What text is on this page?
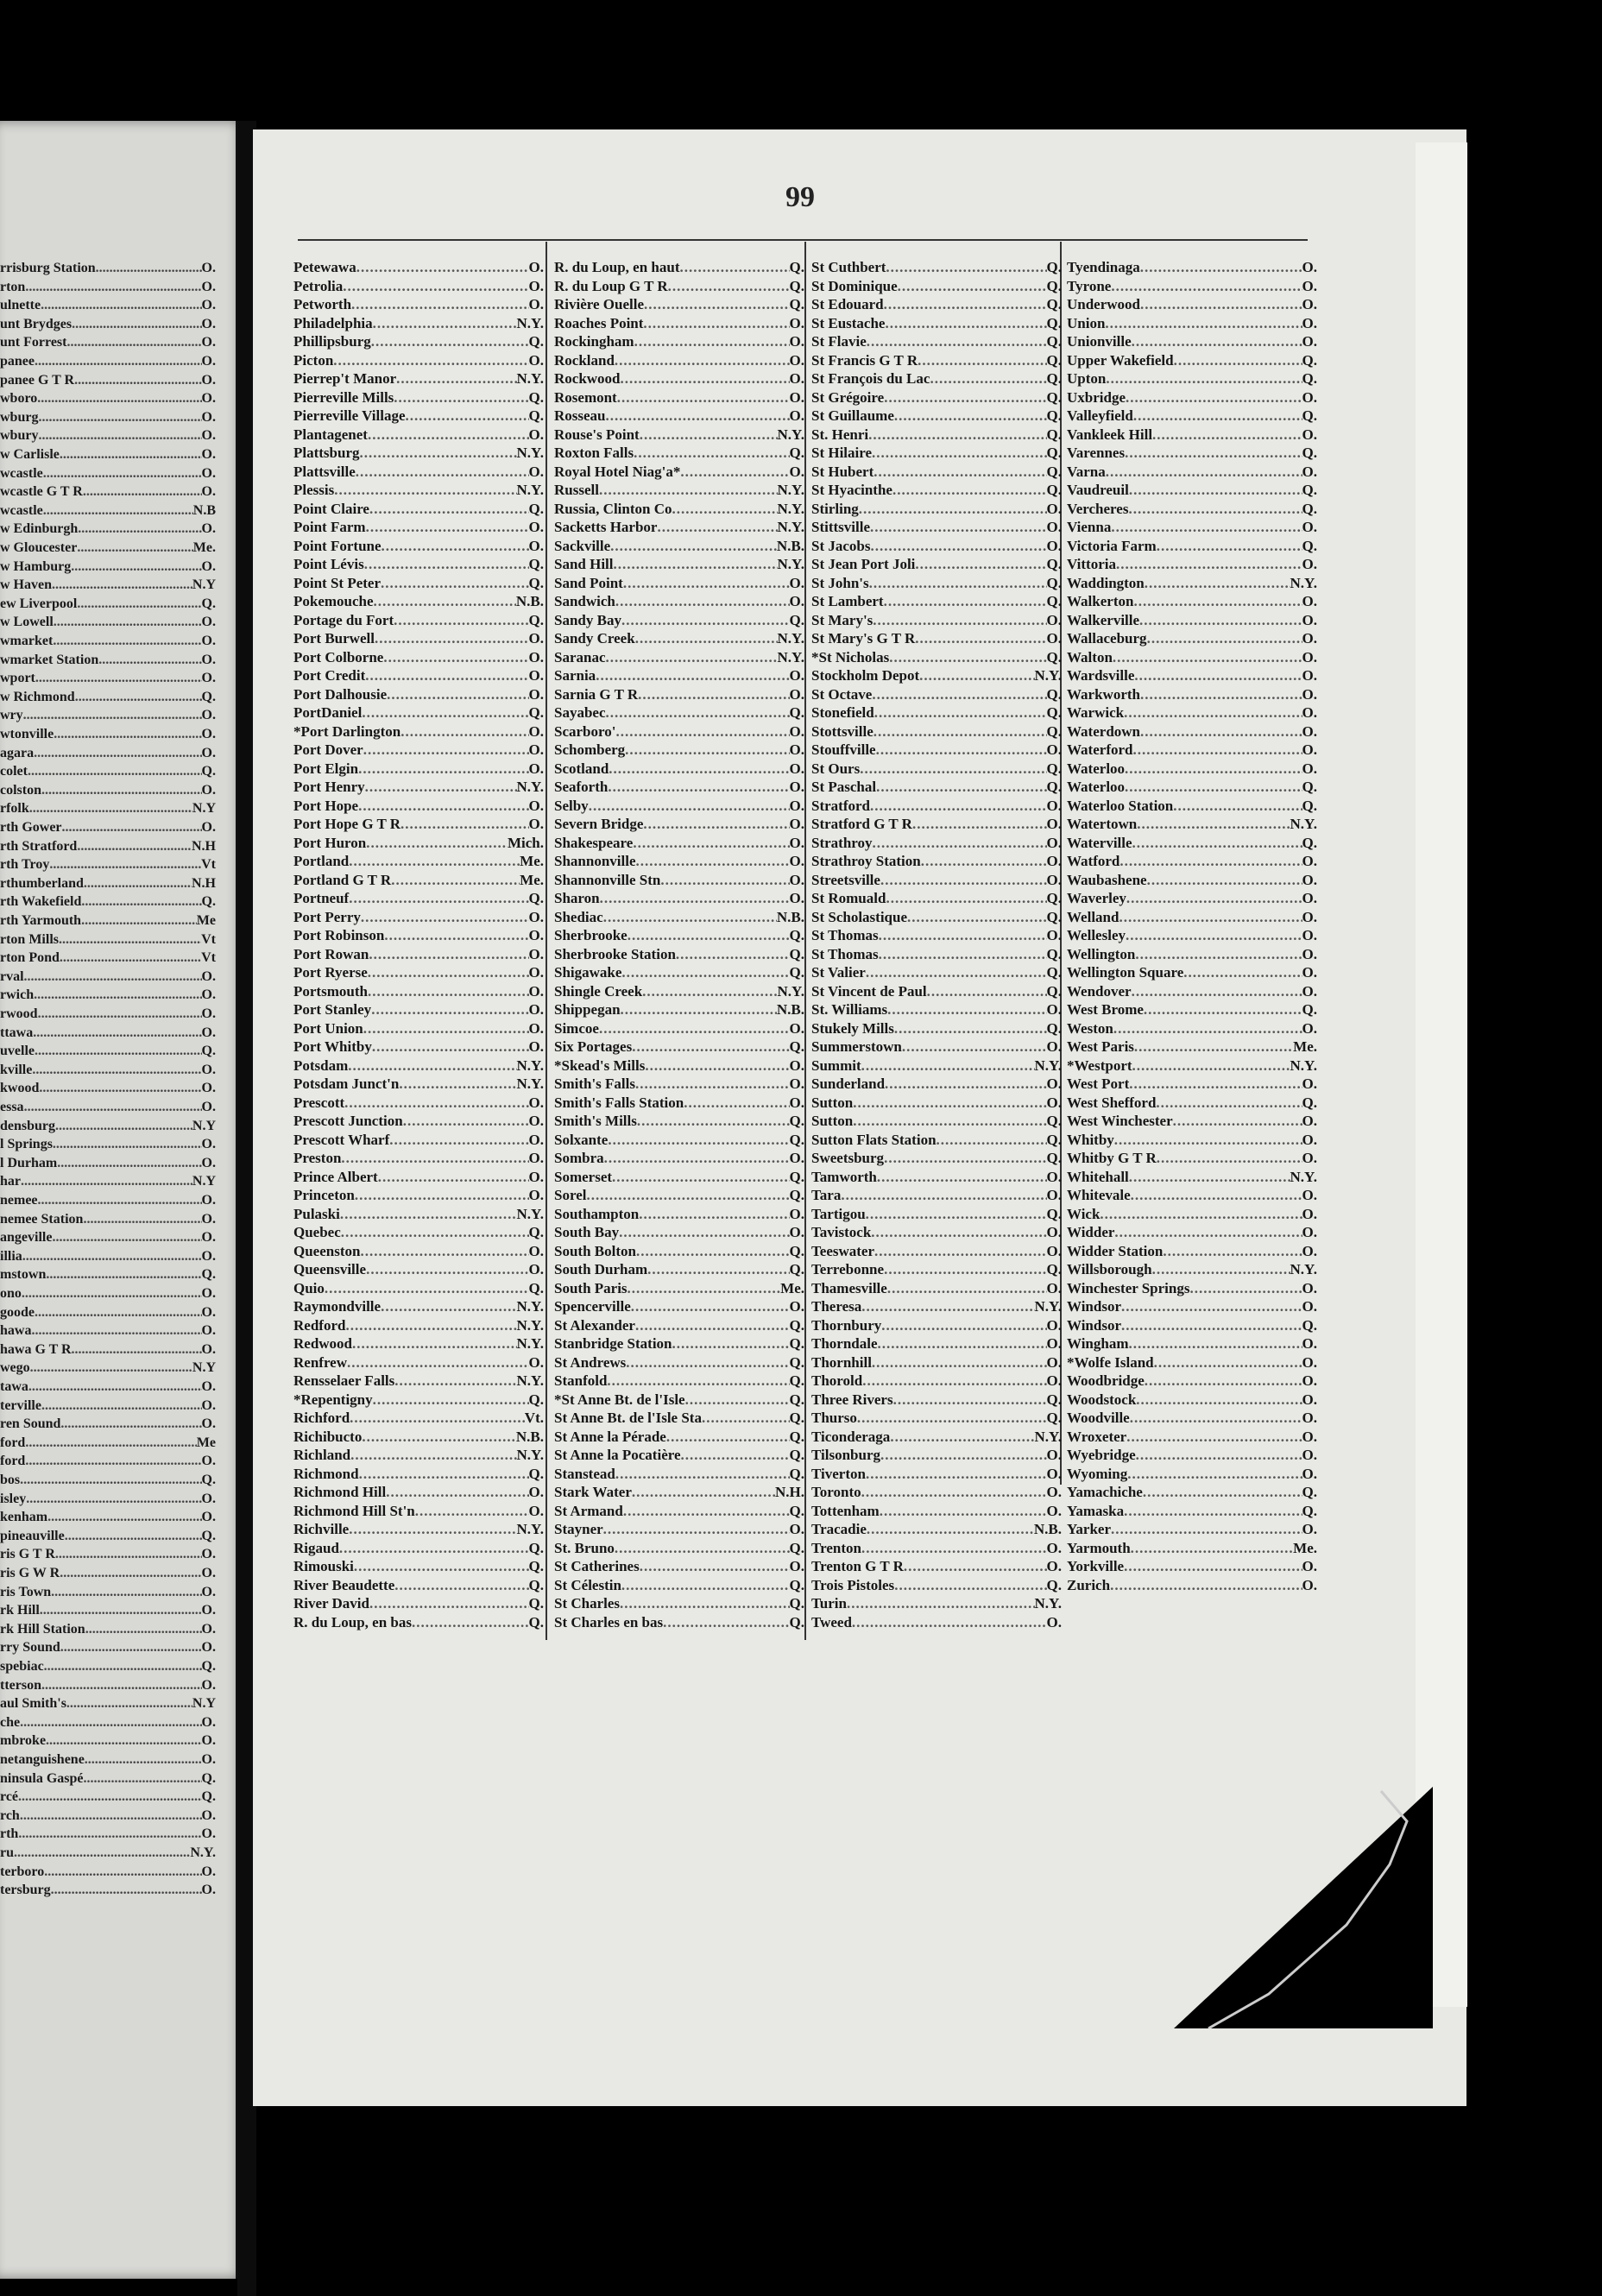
rrisburg Station .....	O.
rton .....	O.
ulnette .....	O.
unt Brydges .....	O.
unt Forrest .....	O.
panee .....	O.
panee G T R .....	O.
wboro .....	O.
wburg .....	O.
wbury .....	O.
w Carlisle .....	O.
wcastle .....	O.
wcastle G T R .....	O.
wcastle .....	N.B
w Edinburgh .....	O.
w Gloucester .....	Me.
w Hamburg .....	O.
w Haven .....	N.Y
ew Liverpool .....	Q.
w Lowell .....	O.
wmarket .....	O.
wmarket Station .....	O.
wport .....	O.
w Richmond .....	Q.
wry .....	O.
wtonville .....	O.
agara .....	O.
colet .....	Q.
colston .....	O.
rfolk .....	N.Y
rth Gower .....	O.
rth Stratford .....	N.H
rth Troy .....	Vt
rthumberland .....	N.H
rth Wakefield .....	Q.
rth Yarmouth .....	Me
rton Mills .....	Vt
rton Pond .....	Vt
rval .....	O.
rwich .....	O.
rwood .....	O.
ttawa .....	O.
uvelle .....	Q.
kville .....	O.
kwood .....	O.
essa .....	O.
densburg .....	N.Y
l Springs .....	O.
l Durham .....	O.
har .....	N.Y
nemee .....	O.
nemee Station .....	O.
angeville .....	O.
illia .....	O.
mstown .....	Q.
ono .....	O.
goode .....	O.
hawa .....	O.
hawa G T R .....	O.
wego .....	N.Y
tawa .....	O.
terville .....	O.
ren Sound .....	O.
ford .....	Me
ford .....	O.
bos .....	Q.
isley .....	O.
kenham .....	O.
pineauville .....	Q.
ris G T R .....	O.
ris G W R .....	O.
ris Town .....	O.
rk Hill .....	O.
rk Hill Station .....	O.
rry Sound .....	O.
spebiac .....	Q.
tterson .....	O.
aul Smith's .....	N.Y
che .....	O.
mbroke .....	O.
netanguishene .....	O.
ninsula Gaspé .....	Q.
rcé .....	Q.
rch .....	O.
rth .....	O.
ru .....	N.Y.
terboro .....	O.
tersburg .....	O.
99
Petewawa .....	O.
Petrolia .....	O.
Petworth .....	O.
Philadelphia .....	N.Y.
Phillipsburg .....	Q.
Picton .....	O.
Pierrep't Manor .....	N.Y.
Pierreville Mills .....	Q.
Pierreville Village .....	Q.
Plantagenet .....	O.
Plattsburg .....	N.Y.
Plattsville .....	O.
Plessis .....	N.Y.
Point Claire .....	Q.
Point Farm .....	O.
Point Fortune .....	O.
Point Lévis .....	Q.
Point St Peter .....	Q.
Pokemouche .....	N.B.
Portage du Fort .....	Q.
Port Burwell .....	O.
Port Colborne .....	O.
Port Credit .....	O.
Port Dalhousie .....	O.
PortDaniel .....	Q.
*Port Darlington .....	O.
Port Dover .....	O.
Port Elgin .....	O.
Port Henry .....	N.Y.
Port Hope .....	O.
Port Hope G T R .....	O.
Port Huron .....	Mich.
Portland .....	Me.
Portland G T R .....	Me.
Portneuf .....	Q.
Port Perry .....	O.
Port Robinson .....	O.
Port Rowan .....	O.
Port Ryerse .....	O.
Portsmouth .....	O.
Port Stanley .....	O.
Port Union .....	O.
Port Whitby .....	O.
Potsdam .....	N.Y.
Potsdam Junct'n .....	N.Y.
Prescott .....	O.
Prescott Junction .....	O.
Prescott Wharf .....	O.
Preston .....	O.
Prince Albert .....	O.
Princeton .....	O.
Pulaski .....	N.Y.
Quebec .....	Q.
Queenston .....	O.
Queensville .....	O.
Quio .....	Q.
Raymondville .....	N.Y.
Redford .....	N.Y.
Redwood .....	N.Y.
Renfrew .....	O.
Rensselaer Falls .....	N.Y.
*Repentigny .....	Q.
Richford .....	Vt.
Richibucto .....	N.B.
Richland .....	N.Y.
Richmond .....	Q.
Richmond Hill .....	O.
Richmond Hill St'n .....	O.
Richville .....	N.Y.
Rigaud .....	Q.
Rimouski .....	Q.
River Beaudette .....	Q.
River David .....	Q.
R. du Loup, en bas .....	Q.
R. du Loup, en haut .....	Q.
R. du Loup G T R .....	Q.
Rivière Ouelle .....	Q.
Roaches Point .....	O.
Rockingham .....	O.
Rockland .....	O.
Rockwood .....	O.
Rosemont .....	O.
Rosseau .....	O.
Rouse's Point .....	N.Y.
Roxton Falls .....	Q.
Royal Hotel Niag'a* .....	O.
Russell .....	N.Y.
Russia, Clinton Co .....	N.Y.
Sacketts Harbor .....	N.Y.
Sackville .....	N.B.
Sand Hill .....	N.Y.
Sand Point .....	O.
Sandwich .....	O.
Sandy Bay .....	Q.
Sandy Creek .....	N.Y.
Saranac .....	N.Y.
Sarnia .....	O.
Sarnia G T R .....	O.
Sayabec .....	Q.
Scarboro' .....	O.
Schomberg .....	O.
Scotland .....	O.
Seaforth .....	O.
Selby .....	O.
Severn Bridge .....	O.
Shakespeare .....	O.
Shannonville .....	O.
Shannonville Stn .....	O.
Sharon .....	O.
Shediac .....	N.B.
Sherbrooke .....	Q.
Sherbrooke Station .....	Q.
Shigawake .....	Q.
Shingle Creek .....	N.Y.
Shippegan .....	N.B.
Simcoe .....	O.
Six Portages .....	Q.
*Skead's Mills .....	O.
Smith's Falls .....	O.
Smith's Falls Station .....	O.
Smith's Mills .....	Q.
Solxante .....	Q.
Sombra .....	O.
Somerset .....	Q.
Sorel .....	Q.
Southampton .....	O.
South Bay .....	O.
South Bolton .....	Q.
South Durham .....	Q.
South Paris .....	Me.
Spencerville .....	O.
St Alexander .....	Q.
Stanbridge Station .....	Q.
St Andrews .....	Q.
Stanfold .....	Q.
*St Anne Bt. de l'Isle .....	Q.
St Anne Bt. de l'Isle Sta .....	Q.
St Anne la Pérade .....	Q.
St Anne la Pocatière .....	Q.
Stanstead .....	Q.
Stark Water .....	N.H.
St Armand .....	Q.
Stayner .....	O.
St. Bruno .....	Q.
St Catherines .....	O.
St Célestin .....	Q.
St Charles .....	Q.
St Charles en bas .....	Q.
St Cuthbert .....	Q.
St Dominique .....	Q.
St Edouard .....	Q.
St Eustache .....	Q.
St Flavie .....	Q.
St Francis G T R .....	Q.
St François du Lac .....	Q.
St Grégoire .....	Q.
St Guillaume .....	Q.
St. Henri .....	Q.
St Hilaire .....	Q.
St Hubert .....	Q.
St Hyacinthe .....	Q.
Stirling .....	O.
Stittsville .....	O.
St Jacobs .....	O.
St Jean Port Joli .....	Q.
St John's .....	Q.
St Lambert .....	Q.
St Mary's .....	O.
St Mary's G T R .....	O.
*St Nicholas .....	Q.
Stockholm Depot .....	N.Y.
St Octave .....	Q.
Stonefield .....	Q.
Stottsville .....	Q.
Stouffville .....	O.
St Ours .....	Q.
St Paschal .....	Q.
Stratford .....	O.
Stratford G T R .....	O.
Strathroy .....	O.
Strathroy Station .....	O.
Streetsville .....	O.
St Romuald .....	Q.
St Scholastique .....	Q.
St Thomas .....	O.
St Thomas .....	Q.
St Valier .....	Q.
St Vincent de Paul .....	Q.
St. Williams .....	O.
Stukely Mills .....	Q.
Summerstown .....	O.
Summit .....	N.Y.
Sunderland .....	O.
Sutton .....	O.
Sutton .....	Q.
Sutton Flats Station .....	Q.
Sweetsburg .....	Q.
Tamworth .....	O.
Tara .....	O.
Tartigou .....	Q.
Tavistock .....	O.
Teeswater .....	O.
Terrebonne .....	Q.
Thamesville .....	O.
Theresa .....	N.Y.
Thornbury .....	O.
Thorndale .....	O.
Thornhill .....	O.
Thorold .....	O.
Three Rivers .....	Q.
Thurso .....	Q.
Ticonderaga .....	N.Y.
Tilsonburg .....	O.
Tiverton .....	O.
Toronto .....	O.
Tottenham .....	O.
Tracadie .....	N.B.
Trenton .....	O.
Trenton G T R .....	O.
Trois Pistoles .....	Q.
Turin .....	N.Y.
Tweed .....	O.
Tyendinaga .....	O.
Tyrone .....	O.
Underwood .....	O.
Union .....	O.
Unionville .....	O.
Upper Wakefield .....	Q.
Upton .....	Q.
Uxbridge .....	O.
Valleyfield .....	Q.
Vankleek Hill .....	O.
Varennes .....	Q.
Varna .....	O.
Vaudreuil .....	Q.
Vercheres .....	Q.
Vienna .....	O.
Victoria Farm .....	Q.
Vittoria .....	O.
Waddington .....	N.Y.
Walkerton .....	O.
Walkerville .....	O.
Wallaceburg .....	O.
Walton .....	O.
Wardsville .....	O.
Warkworth .....	O.
Warwick .....	O.
Waterdown .....	O.
Waterford .....	O.
Waterloo .....	O.
Waterloo .....	Q.
Waterloo Station .....	Q.
Watertown .....	N.Y.
Waterville .....	Q.
Watford .....	O.
Waubashene .....	O.
Waverley .....	O.
Welland .....	O.
Wellesley .....	O.
Wellington .....	O.
Wellington Square .....	O.
Wendover .....	O.
West Brome .....	Q.
Weston .....	O.
West Paris .....	Me.
*Westport .....	N.Y.
West Port .....	O.
West Shefford .....	Q.
West Winchester .....	O.
Whitby .....	O.
Whitby G T R .....	O.
Whitehall .....	N.Y.
Whitevale .....	O.
Wick .....	O.
Widder .....	O.
Widder Station .....	O.
Willsborough .....	N.Y.
Winchester Springs .....	O.
Windsor .....	O.
Windsor .....	Q.
Wingham .....	O.
*Wolfe Island .....	O.
Woodbridge .....	O.
Woodstock .....	O.
Woodville .....	O.
Wroxeter .....	O.
Wyebridge .....	O.
Wyoming .....	O.
Yamachiche .....	Q.
Yamaska .....	Q.
Yarker .....	O.
Yarmouth .....	Me.
Yorkville .....	O.
Zurich .....	O.
